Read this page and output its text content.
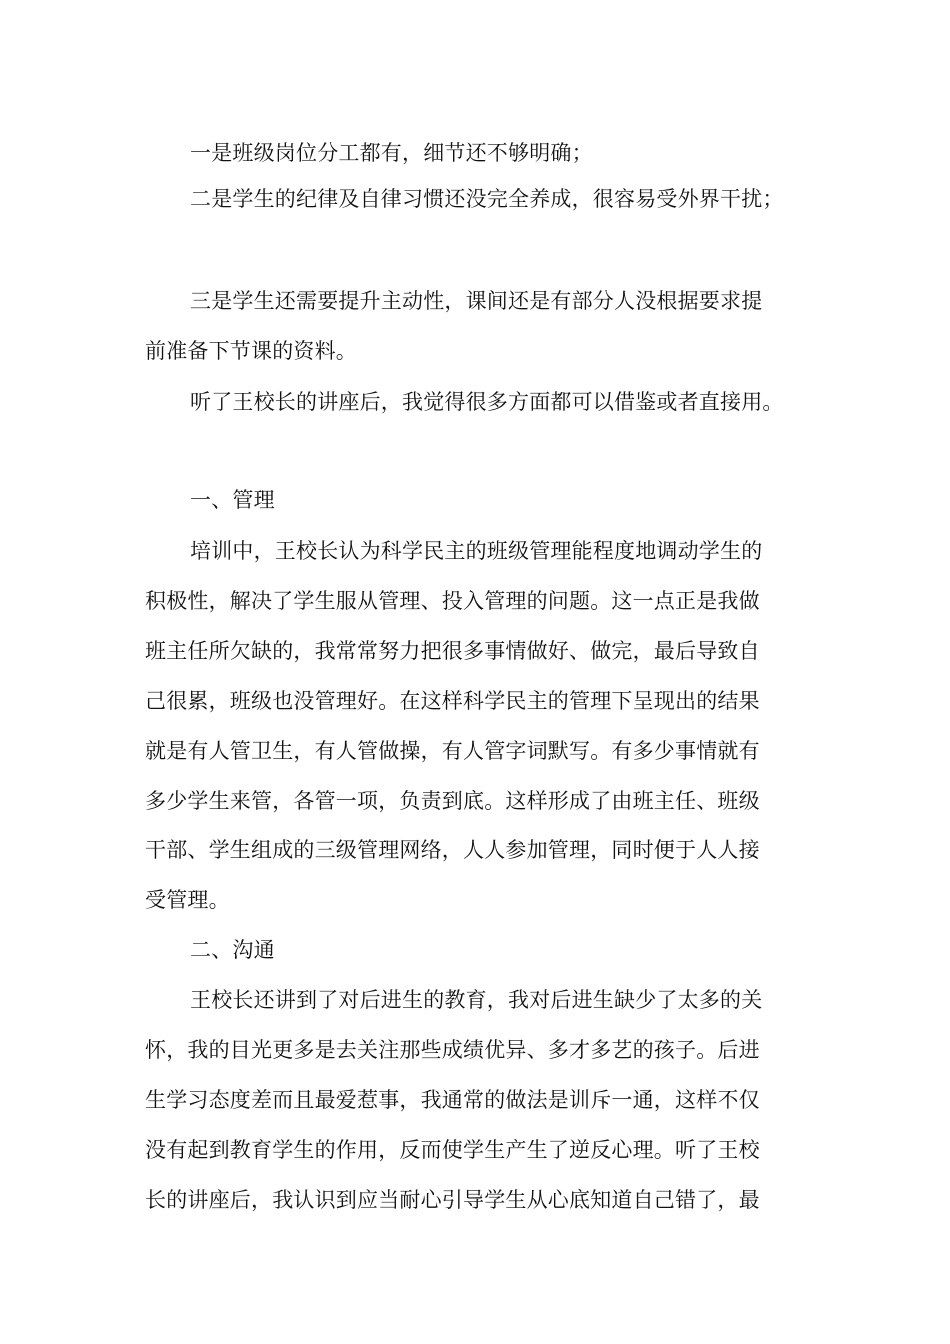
一是班级岗位分工都有，细节还不够明确；
二是学生的纪律及自律习惯还没完全养成，很容易受外界干扰；
三是学生还需要提升主动性，课间还是有部分人没根据要求提
前准备下节课的资料。
听了王校长的讲座后，我觉得很多方面都可以借鉴或者直接用。
一、管理
培训中，王校长认为科学民主的班级管理能程度地调动学生的
积极性，解决了学生服从管理、投入管理的问题。这一点正是我做
班主任所欠缺的，我常常努力把很多事情做好、做完，最后导致自
己很累，班级也没管理好。在这样科学民主的管理下呈现出的结果
就是有人管卫生，有人管做操，有人管字词默写。有多少事情就有
多少学生来管，各管一项，负责到底。这样形成了由班主任、班级
干部、学生组成的三级管理网络，人人参加管理，同时便于人人接
受管理。
二、沟通
王校长还讲到了对后进生的教育，我对后进生缺少了太多的关
怀，我的目光更多是去关注那些成绩优异、多才多艺的孩子。后进
生学习态度差而且最爱惹事，我通常的做法是训斥一通，这样不仅
没有起到教育学生的作用，反而使学生产生了逆反心理。听了王校
长的讲座后，我认识到应当耐心引导学生从心底知道自己错了，最
